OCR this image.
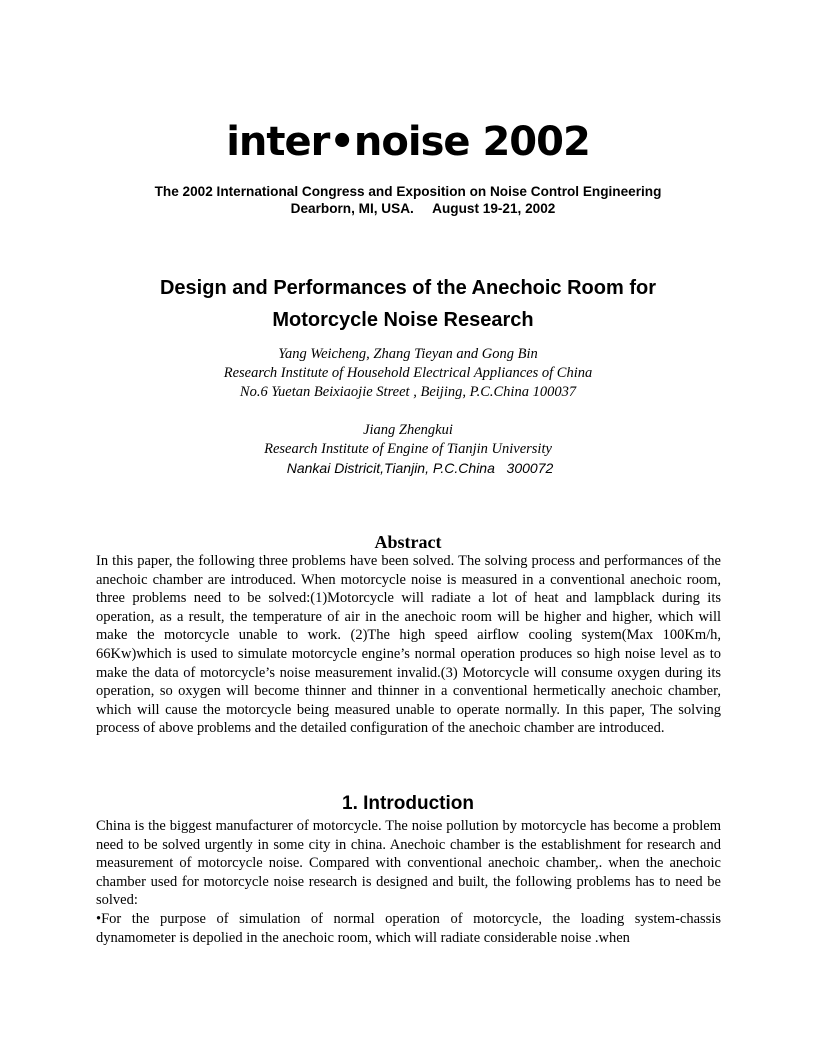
inter•noise 2002
The 2002 International Congress and Exposition on Noise Control Engineering
Dearborn, MI, USA.     August 19-21, 2002
Design and Performances of the Anechoic Room for
Motorcycle Noise Research
Yang Weicheng, Zhang Tieyan and Gong Bin
Research Institute of Household Electrical Appliances of China
No.6 Yuetan Beixiaojie Street , Beijing, P.C.China 100037
Jiang Zhengkui
Research Institute of Engine of Tianjin University
Nankai Districit,Tianjin, P.C.China   300072
Abstract

In this paper, the following three problems have been solved. The solving process and performances of the anechoic chamber are introduced. When motorcycle noise is measured in a conventional anechoic room, three problems need to be solved:(1)Motorcycle will radiate a lot of heat and lampblack during its operation, as a result, the temperature of air in the anechoic room will be higher and higher, which will make the motorcycle unable to work. (2)The high speed airflow cooling system(Max 100Km/h, 66Kw)which is used to simulate motorcycle engine’s normal operation produces so high noise level as to make the data of motorcycle’s noise measurement invalid.(3) Motorcycle will consume oxygen during its operation, so oxygen will become thinner and thinner in a conventional hermetically anechoic chamber, which will cause the motorcycle being measured unable to operate normally. In this paper, The solving process of above problems and the detailed configuration of the anechoic chamber are introduced.

1. Introduction

China is the biggest manufacturer of motorcycle. The noise pollution by motorcycle has become a problem need to be solved urgently in some city in china. Anechoic chamber is the establishment for research and measurement of motorcycle noise. Compared with conventional anechoic chamber,. when the anechoic chamber used for motorcycle noise research is designed and built, the following problems has to need be solved:

•For the purpose of simulation of normal operation of motorcycle, the loading system-chassis dynamometer is depolied in the anechoic room, which will radiate considerable noise .when
